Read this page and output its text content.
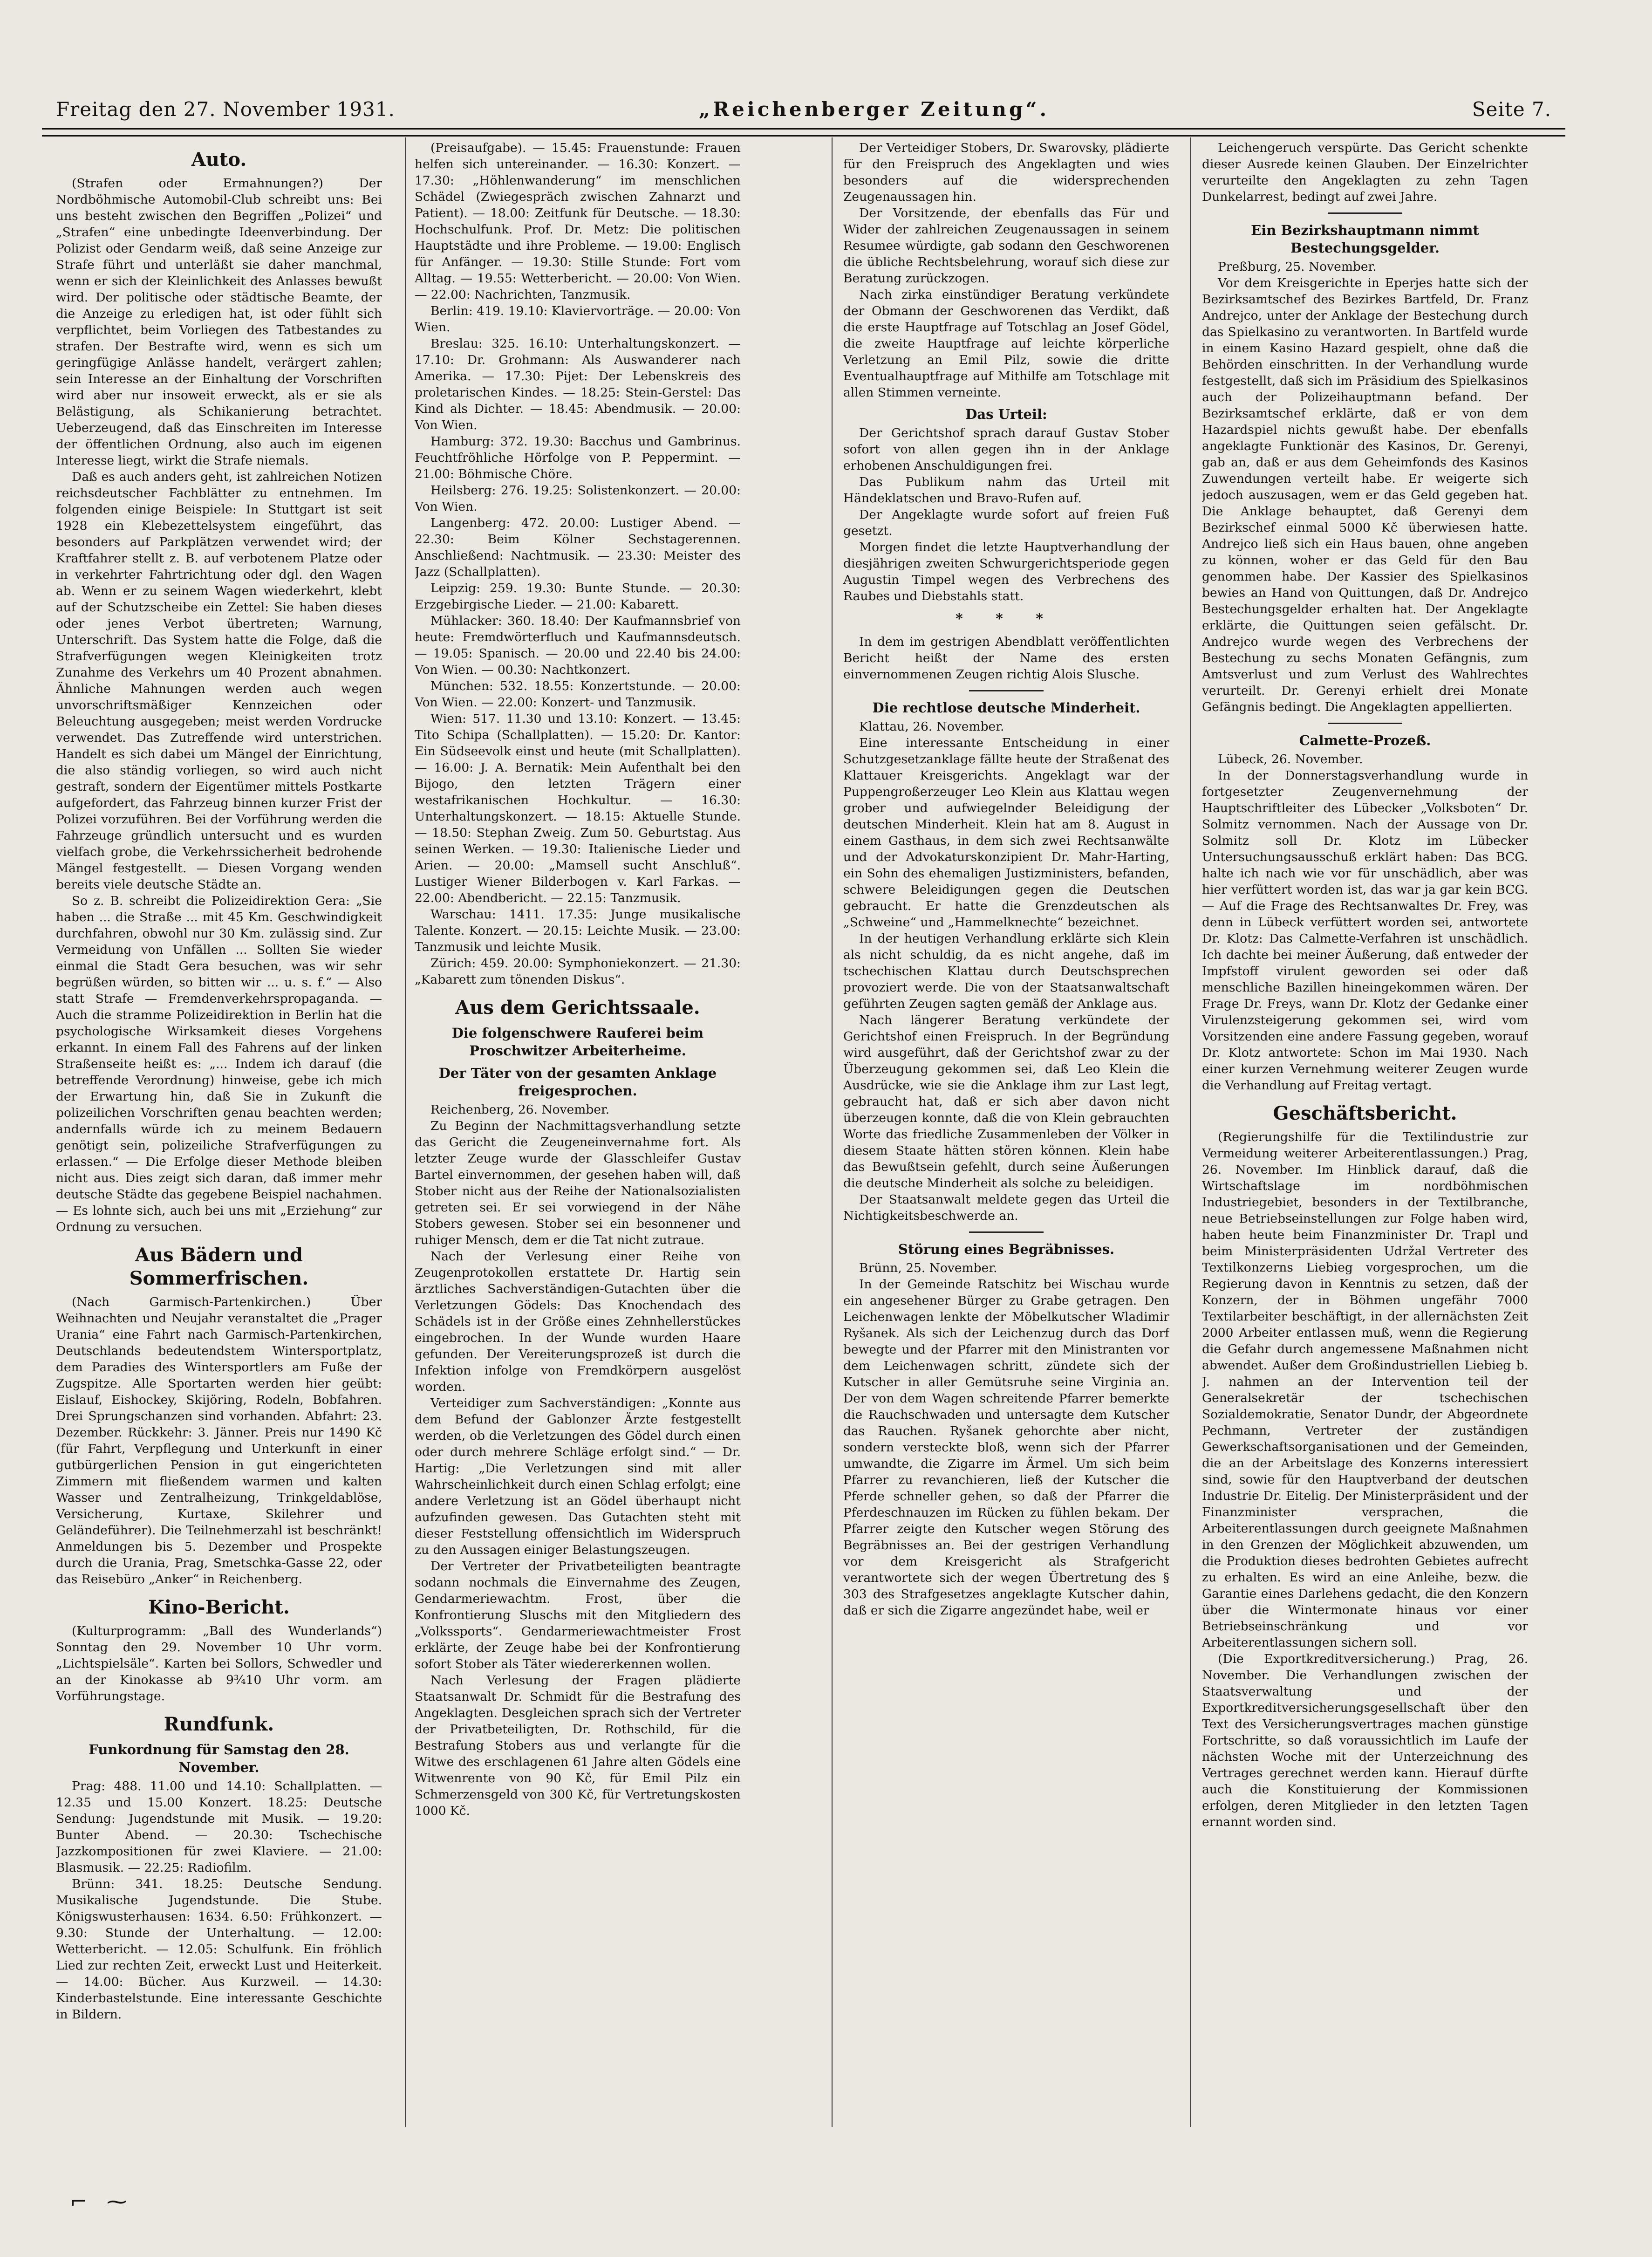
Freitag den 27. November 1931.	„Reichenberger Zeitung“.	Seite 7.
Auto.

(Strafen oder Ermahnungen?) Der Nordböhmische Automobil-Club schreibt uns: Bei uns besteht zwischen den Begriffen „Polizei“ und „Strafen“ eine unbedingte Ideenverbindung. Der Polizist oder Gendarm weiß, daß seine Anzeige zur Strafe führt und unterläßt sie daher manchmal, wenn er sich der Kleinlichkeit des Anlasses bewußt wird. Der politische oder städtische Beamte, der die Anzeige zu erledigen hat, ist oder fühlt sich verpflichtet, beim Vorliegen des Tatbestandes zu strafen. Der Bestrafte wird, wenn es sich um geringfügige Anlässe handelt, verärgert zahlen; sein Interesse an der Einhaltung der Vorschriften wird aber nur insoweit erweckt, als er sie als Belästigung, als Schikanierung betrachtet. Ueberzeugend, daß das Einschreiten im Interesse der öffentlichen Ordnung, also auch im eigenen Interesse liegt, wirkt die Strafe niemals.

Daß es auch anders geht, ist zahlreichen Notizen reichsdeutscher Fachblätter zu entnehmen. Im folgenden einige Beispiele: In Stuttgart ist seit 1928 ein Klebezettelsystem eingeführt, das besonders auf Parkplätzen verwendet wird; der Kraftfahrer stellt z. B. auf verbotenem Platze oder in verkehrter Fahrtrichtung oder dgl. den Wagen ab. Wenn er zu seinem Wagen wiederkehrt, klebt auf der Schutzscheibe ein Zettel: Sie haben dieses oder jenes Verbot übertreten; Warnung, Unterschrift. Das System hatte die Folge, daß die Strafverfügungen wegen Kleinigkeiten trotz Zunahme des Verkehrs um 40 Prozent abnahmen. Ähnliche Mahnungen werden auch wegen unvorschriftsmäßiger Kennzeichen oder Beleuchtung ausgegeben; meist werden Vordrucke verwendet. Das Zutreffende wird unterstrichen. Handelt es sich dabei um Mängel der Einrichtung, die also ständig vorliegen, so wird auch nicht gestraft, sondern der Eigentümer mittels Postkarte aufgefordert, das Fahrzeug binnen kurzer Frist der Polizei vorzuführen. Bei der Vorführung werden die Fahrzeuge gründlich untersucht und es wurden vielfach grobe, die Verkehrssicherheit bedrohende Mängel festgestellt. — Diesen Vorgang wenden bereits viele deutsche Städte an.

So z. B. schreibt die Polizeidirektion Gera: „Sie haben ... die Straße ... mit 45 Km. Geschwindigkeit durchfahren, obwohl nur 30 Km. zulässig sind. Zur Vermeidung von Unfällen ... Sollten Sie wieder einmal die Stadt Gera besuchen, was wir sehr begrüßen würden, so bitten wir ... u. s. f.“ — Also statt Strafe — Fremdenverkehrspropaganda. — Auch die stramme Polizeidirektion in Berlin hat die psychologische Wirksamkeit dieses Vorgehens erkannt. In einem Fall des Fahrens auf der linken Straßenseite heißt es: „... Indem ich darauf (die betreffende Verordnung) hinweise, gebe ich mich der Erwartung hin, daß Sie in Zukunft die polizeilichen Vorschriften genau beachten werden; andernfalls würde ich zu meinem Bedauern genötigt sein, polizeiliche Strafverfügungen zu erlassen.“ — Die Erfolge dieser Methode bleiben nicht aus. Dies zeigt sich daran, daß immer mehr deutsche Städte das gegebene Beispiel nachahmen. — Es lohnte sich, auch bei uns mit „Erziehung“ zur Ordnung zu versuchen.

Aus Bädern und Sommerfrischen.

(Nach Garmisch-Partenkirchen.) Über Weihnachten und Neujahr veranstaltet die „Prager Urania“ eine Fahrt nach Garmisch-Partenkirchen, Deutschlands bedeutendstem Wintersportplatz, dem Paradies des Wintersportlers am Fuße der Zugspitze. Alle Sportarten werden hier geübt: Eislauf, Eishockey, Skijöring, Rodeln, Bobfahren. Drei Sprungschanzen sind vorhanden. Abfahrt: 23. Dezember. Rückkehr: 3. Jänner. Preis nur 1490 Kč (für Fahrt, Verpflegung und Unterkunft in einer gutbürgerlichen Pension in gut eingerichteten Zimmern mit fließendem warmen und kalten Wasser und Zentralheizung, Trinkgeldablöse, Versicherung, Kurtaxe, Skilehrer und Geländeführer). Die Teilnehmerzahl ist beschränkt! Anmeldungen bis 5. Dezember und Prospekte durch die Urania, Prag, Smetschka-Gasse 22, oder das Reisebüro „Anker“ in Reichenberg.

Kino-Bericht.

(Kulturprogramm: „Ball des Wunderlands“) Sonntag den 29. November 10 Uhr vorm. „Lichtspielsäle“. Karten bei Sollors, Schwedler und an der Kinokasse ab 9¾10 Uhr vorm. am Vorführungstage.

Rundfunk.
Funkordnung für Samstag den 28. November.

Prag: 488. 11.00 und 14.10: Schallplatten. — 12.35 und 15.00 Konzert. 18.25: Deutsche Sendung: Jugendstunde mit Musik. — 19.20: Bunter Abend. — 20.30: Tschechische Jazzkompositionen für zwei Klaviere. — 21.00: Blasmusik. — 22.25: Radiofilm.

Brünn: 341. 18.25: Deutsche Sendung. Musikalische Jugendstunde. Die Stube. Königswusterhausen: 1634. 6.50: Frühkonzert. — 9.30: Stunde der Unterhaltung. — 12.00: Wetterbericht. — 12.05: Schulfunk. Ein fröhlich Lied zur rechten Zeit, erweckt Lust und Heiterkeit. — 14.00: Bücher. Aus Kurzweil. — 14.30: Kinderbastelstunde. Eine interessante Geschichte in Bildern.

(Preisaufgabe). — 15.45: Frauenstunde: Frauen helfen sich untereinander. — 16.30: Konzert. — 17.30: „Höhlenwanderung“ im menschlichen Schädel (Zwiegespräch zwischen Zahnarzt und Patient). — 18.00: Zeitfunk für Deutsche. — 18.30: Hochschulfunk. Prof. Dr. Metz: Die politischen Hauptstädte und ihre Probleme. — 19.00: Englisch für Anfänger. — 19.30: Stille Stunde: Fort vom Alltag. — 19.55: Wetterbericht. — 20.00: Von Wien. — 22.00: Nachrichten, Tanzmusik.

Berlin: 419. 19.10: Klaviervorträge. — 20.00: Von Wien.

Breslau: 325. 16.10: Unterhaltungskonzert. — 17.10: Dr. Grohmann: Als Auswanderer nach Amerika. — 17.30: Pijet: Der Lebenskreis des proletarischen Kindes. — 18.25: Stein-Gerstel: Das Kind als Dichter. — 18.45: Abendmusik. — 20.00: Von Wien.

Hamburg: 372. 19.30: Bacchus und Gambrinus. Feuchtfröhliche Hörfolge von P. Peppermint. — 21.00: Böhmische Chöre.

Heilsberg: 276. 19.25: Solistenkonzert. — 20.00: Von Wien.

Langenberg: 472. 20.00: Lustiger Abend. — 22.30: Beim Kölner Sechstagerennen. Anschließend: Nachtmusik. — 23.30: Meister des Jazz (Schallplatten).

Leipzig: 259. 19.30: Bunte Stunde. — 20.30: Erzgebirgische Lieder. — 21.00: Kabarett.

Mühlacker: 360. 18.40: Der Kaufmannsbrief von heute: Fremdwörterfluch und Kaufmannsdeutsch. — 19.05: Spanisch. — 20.00 und 22.40 bis 24.00: Von Wien. — 00.30: Nachtkonzert.

München: 532. 18.55: Konzertstunde. — 20.00: Von Wien. — 22.00: Konzert- und Tanzmusik.

Wien: 517. 11.30 und 13.10: Konzert. — 13.45: Tito Schipa (Schallplatten). — 15.20: Dr. Kantor: Ein Südseevolk einst und heute (mit Schallplatten). — 16.00: J. A. Bernatik: Mein Aufenthalt bei den Bijogo, den letzten Trägern einer westafrikanischen Hochkultur. — 16.30: Unterhaltungskonzert. — 18.15: Aktuelle Stunde. — 18.50: Stephan Zweig. Zum 50. Geburtstag. Aus seinen Werken. — 19.30: Italienische Lieder und Arien. — 20.00: „Mamsell sucht Anschluß“. Lustiger Wiener Bilderbogen v. Karl Farkas. — 22.00: Abendbericht. — 22.15: Tanzmusik.

Warschau: 1411. 17.35: Junge musikalische Talente. Konzert. — 20.15: Leichte Musik. — 23.00: Tanzmusik und leichte Musik.

Zürich: 459. 20.00: Symphoniekonzert. — 21.30: „Kabarett zum tönenden Diskus“.

Aus dem Gerichtssaale.
Die folgenschwere Rauferei beim Proschwitzer Arbeiterheime.
Der Täter von der gesamten Anklage freigesprochen.

Reichenberg, 26. November.

Zu Beginn der Nachmittagsverhandlung setzte das Gericht die Zeugeneinvernahme fort. Als letzter Zeuge wurde der Glasschleifer Gustav Bartel einvernommen, der gesehen haben will, daß Stober nicht aus der Reihe der Nationalsozialisten getreten sei. Er sei vorwiegend in der Nähe Stobers gewesen. Stober sei ein besonnener und ruhiger Mensch, dem er die Tat nicht zutraue.

Nach der Verlesung einer Reihe von Zeugenprotokollen erstattete Dr. Hartig sein ärztliches Sachverständigen-Gutachten über die Verletzungen Gödels: Das Knochendach des Schädels ist in der Größe eines Zehnhellerstückes eingebrochen. In der Wunde wurden Haare gefunden. Der Vereiterungsprozeß ist durch die Infektion infolge von Fremdkörpern ausgelöst worden.

Verteidiger zum Sachverständigen: „Konnte aus dem Befund der Gablonzer Ärzte festgestellt werden, ob die Verletzungen des Gödel durch einen oder durch mehrere Schläge erfolgt sind.“ — Dr. Hartig: „Die Verletzungen sind mit aller Wahrscheinlichkeit durch einen Schlag erfolgt; eine andere Verletzung ist an Gödel überhaupt nicht aufzufinden gewesen. Das Gutachten steht mit dieser Feststellung offensichtlich im Widerspruch zu den Aussagen einiger Belastungszeugen.

Der Vertreter der Privatbeteiligten beantragte sodann nochmals die Einvernahme des Zeugen, Gendarmeriewachtm. Frost, über die Konfrontierung Sluschs mit den Mitgliedern des „Volkssports“. Gendarmeriewachtmeister Frost erklärte, der Zeuge habe bei der Konfrontierung sofort Stober als Täter wiedererkennen wollen.

Nach Verlesung der Fragen plädierte Staatsanwalt Dr. Schmidt für die Bestrafung des Angeklagten. Desgleichen sprach sich der Vertreter der Privatbeteiligten, Dr. Rothschild, für die Bestrafung Stobers aus und verlangte für die Witwe des erschlagenen 61 Jahre alten Gödels eine Witwenrente von 90 Kč, für Emil Pilz ein Schmerzensgeld von 300 Kč, für Vertretungskosten 1000 Kč.

Der Verteidiger Stobers, Dr. Swarovsky, plädierte für den Freispruch des Angeklagten und wies besonders auf die widersprechenden Zeugenaussagen hin.

Der Vorsitzende, der ebenfalls das Für und Wider der zahlreichen Zeugenaussagen in seinem Resumee würdigte, gab sodann den Geschworenen die übliche Rechtsbelehrung, worauf sich diese zur Beratung zurückzogen.

Nach zirka einstündiger Beratung verkündete der Obmann der Geschworenen das Verdikt, daß die erste Hauptfrage auf Totschlag an Josef Gödel, die zweite Hauptfrage auf leichte körperliche Verletzung an Emil Pilz, sowie die dritte Eventualhauptfrage auf Mithilfe am Totschlage mit allen Stimmen verneinte.

Das Urteil:

Der Gerichtshof sprach darauf Gustav Stober sofort von allen gegen ihn in der Anklage erhobenen Anschuldigungen frei.

Das Publikum nahm das Urteil mit Händeklatschen und Bravo-Rufen auf.

Der Angeklagte wurde sofort auf freien Fuß gesetzt.

Morgen findet die letzte Hauptverhandlung der diesjährigen zweiten Schwurgerichtsperiode gegen Augustin Timpel wegen des Verbrechens des Raubes und Diebstahls statt.

* * *

In dem im gestrigen Abendblatt veröffentlichten Bericht heißt der Name des ersten einvernommenen Zeugen richtig Alois Slusche.

Die rechtlose deutsche Minderheit.

Klattau, 26. November.

Eine interessante Entscheidung in einer Schutzgesetzanklage fällte heute der Straßenat des Klattauer Kreisgerichts. Angeklagt war der Puppengroßerzeuger Leo Klein aus Klattau wegen grober und aufwiegelnder Beleidigung der deutschen Minderheit. Klein hat am 8. August in einem Gasthaus, in dem sich zwei Rechtsanwälte und der Advokaturskonzipient Dr. Mahr-Harting, ein Sohn des ehemaligen Justizministers, befanden, schwere Beleidigungen gegen die Deutschen gebraucht. Er hatte die Grenzdeutschen als „Schweine“ und „Hammelknechte“ bezeichnet.

In der heutigen Verhandlung erklärte sich Klein als nicht schuldig, da es nicht angehe, daß im tschechischen Klattau durch Deutschsprechen provoziert werde. Die von der Staatsanwaltschaft geführten Zeugen sagten gemäß der Anklage aus.

Nach längerer Beratung verkündete der Gerichtshof einen Freispruch. In der Begründung wird ausgeführt, daß der Gerichtshof zwar zu der Überzeugung gekommen sei, daß Leo Klein die Ausdrücke, wie sie die Anklage ihm zur Last legt, gebraucht hat, daß er sich aber davon nicht überzeugen konnte, daß die von Klein gebrauchten Worte das friedliche Zusammenleben der Völker in diesem Staate hätten stören können. Klein habe das Bewußtsein gefehlt, durch seine Äußerungen die deutsche Minderheit als solche zu beleidigen.

Der Staatsanwalt meldete gegen das Urteil die Nichtigkeitsbeschwerde an.

Störung eines Begräbnisses.

Brünn, 25. November.

In der Gemeinde Ratschitz bei Wischau wurde ein angesehener Bürger zu Grabe getragen. Den Leichenwagen lenkte der Möbelkutscher Wladimir Ryšanek. Als sich der Leichenzug durch das Dorf bewegte und der Pfarrer mit den Ministranten vor dem Leichenwagen schritt, zündete sich der Kutscher in aller Gemütsruhe seine Virginia an. Der von dem Wagen schreitende Pfarrer bemerkte die Rauchschwaden und untersagte dem Kutscher das Rauchen. Ryšanek gehorchte aber nicht, sondern versteckte bloß, wenn sich der Pfarrer umwandte, die Zigarre im Ärmel. Um sich beim Pfarrer zu revanchieren, ließ der Kutscher die Pferde schneller gehen, so daß der Pfarrer die Pferdeschnauzen im Rücken zu fühlen bekam. Der Pfarrer zeigte den Kutscher wegen Störung des Begräbnisses an. Bei der gestrigen Verhandlung vor dem Kreisgericht als Strafgericht verantwortete sich der wegen Übertretung des § 303 des Strafgesetzes angeklagte Kutscher dahin, daß er sich die Zigarre angezündet habe, weil er

Leichengeruch verspürte. Das Gericht schenkte dieser Ausrede keinen Glauben. Der Einzelrichter verurteilte den Angeklagten zu zehn Tagen Dunkelarrest, bedingt auf zwei Jahre.

Ein Bezirkshauptmann nimmt Bestechungsgelder.

Preßburg, 25. November.

Vor dem Kreisgerichte in Eperjes hatte sich der Bezirksamtschef des Bezirkes Bartfeld, Dr. Franz Andrejco, unter der Anklage der Bestechung durch das Spielkasino zu verantworten. In Bartfeld wurde in einem Kasino Hazard gespielt, ohne daß die Behörden einschritten. In der Verhandlung wurde festgestellt, daß sich im Präsidium des Spielkasinos auch der Polizeihauptmann befand. Der Bezirksamtschef erklärte, daß er von dem Hazardspiel nichts gewußt habe. Der ebenfalls angeklagte Funktionär des Kasinos, Dr. Gerenyi, gab an, daß er aus dem Geheimfonds des Kasinos Zuwendungen verteilt habe. Er weigerte sich jedoch auszusagen, wem er das Geld gegeben hat. Die Anklage behauptet, daß Gerenyi dem Bezirkschef einmal 5000 Kč überwiesen hatte. Andrejco ließ sich ein Haus bauen, ohne angeben zu können, woher er das Geld für den Bau genommen habe. Der Kassier des Spielkasinos bewies an Hand von Quittungen, daß Dr. Andrejco Bestechungsgelder erhalten hat. Der Angeklagte erklärte, die Quittungen seien gefälscht. Dr. Andrejco wurde wegen des Verbrechens der Bestechung zu sechs Monaten Gefängnis, zum Amtsverlust und zum Verlust des Wahlrechtes verurteilt. Dr. Gerenyi erhielt drei Monate Gefängnis bedingt. Die Angeklagten appellierten.

Calmette-Prozeß.

Lübeck, 26. November.

In der Donnerstagsverhandlung wurde in fortgesetzter Zeugenvernehmung der Hauptschriftleiter des Lübecker „Volksboten“ Dr. Solmitz vernommen. Nach der Aussage von Dr. Solmitz soll Dr. Klotz im Lübecker Untersuchungsausschuß erklärt haben: Das BCG. halte ich nach wie vor für unschädlich, aber was hier verfüttert worden ist, das war ja gar kein BCG. — Auf die Frage des Rechtsanwaltes Dr. Frey, was denn in Lübeck verfüttert worden sei, antwortete Dr. Klotz: Das Calmette-Verfahren ist unschädlich. Ich dachte bei meiner Äußerung, daß entweder der Impfstoff virulent geworden sei oder daß menschliche Bazillen hineingekommen wären. Der Frage Dr. Freys, wann Dr. Klotz der Gedanke einer Virulenzsteigerung gekommen sei, wird vom Vorsitzenden eine andere Fassung gegeben, worauf Dr. Klotz antwortete: Schon im Mai 1930. Nach einer kurzen Vernehmung weiterer Zeugen wurde die Verhandlung auf Freitag vertagt.

Geschäftsbericht.

(Regierungshilfe für die Textilindustrie zur Vermeidung weiterer Arbeiterentlassungen.) Prag, 26. November. Im Hinblick darauf, daß die Wirtschaftslage im nordböhmischen Industriegebiet, besonders in der Textilbranche, neue Betriebseinstellungen zur Folge haben wird, haben heute beim Finanzminister Dr. Trapl und beim Ministerpräsidenten Udržal Vertreter des Textilkonzerns Liebieg vorgesprochen, um die Regierung davon in Kenntnis zu setzen, daß der Konzern, der in Böhmen ungefähr 7000 Textilarbeiter beschäftigt, in der allernächsten Zeit 2000 Arbeiter entlassen muß, wenn die Regierung die Gefahr durch angemessene Maßnahmen nicht abwendet. Außer dem Großindustriellen Liebieg b. J. nahmen an der Intervention teil der Generalsekretär der tschechischen Sozialdemokratie, Senator Dundr, der Abgeordnete Pechmann, Vertreter der zuständigen Gewerkschaftsorganisationen und der Gemeinden, die an der Arbeitslage des Konzerns interessiert sind, sowie für den Hauptverband der deutschen Industrie Dr. Eitelig. Der Ministerpräsident und der Finanzminister versprachen, die Arbeiterentlassungen durch geeignete Maßnahmen in den Grenzen der Möglichkeit abzuwenden, um die Produktion dieses bedrohten Gebietes aufrecht zu erhalten. Es wird an eine Anleihe, bezw. die Garantie eines Darlehens gedacht, die den Konzern über die Wintermonate hinaus vor einer Betriebseinschränkung und vor Arbeiterentlassungen sichern soll.

(Die Exportkreditversicherung.) Prag, 26. November. Die Verhandlungen zwischen der Staatsverwaltung und der Exportkreditversicherungsgesellschaft über den Text des Versicherungsvertrages machen günstige Fortschritte, so daß voraussichtlich im Laufe der nächsten Woche mit der Unterzeichnung des Vertrages gerechnet werden kann. Hierauf dürfte auch die Konstituierung der Kommissionen erfolgen, deren Mitglieder in den letzten Tagen ernannt worden sind.

⌐   ⁓
